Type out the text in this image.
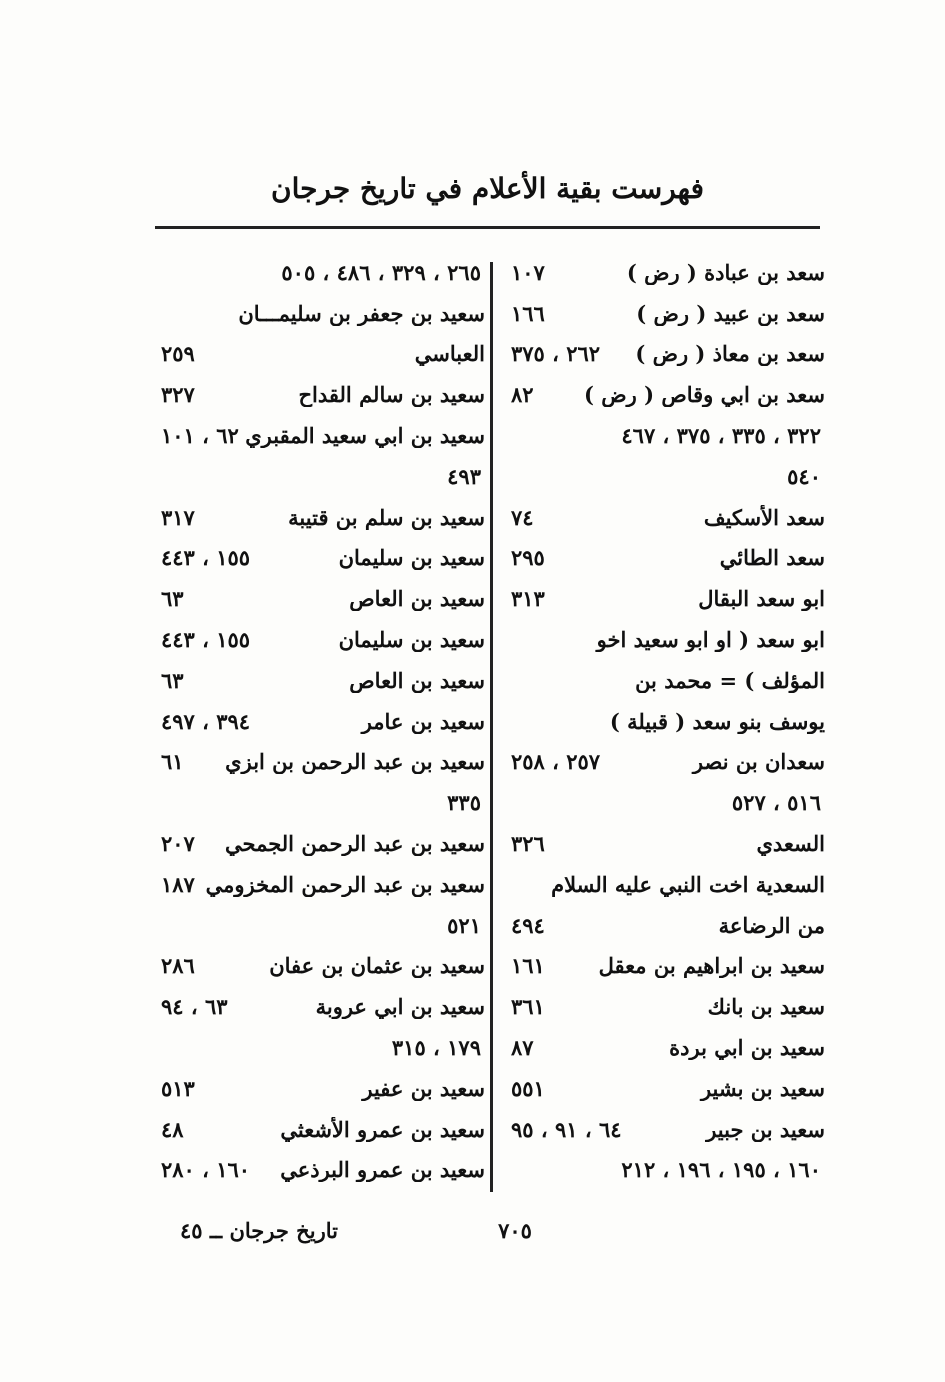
فهرست بقية الأعلام في تاريخ جرجان
سعد بن عبادة ( رض )
١٠٧
سعد بن عبيد ( رض )
١٦٦
سعد بن معاذ ( رض )
٢٦٢ ، ٣٧٥
سعد بن ابي وقاص ( رض )
٨٢
٣٢٢ ، ٣٣٥ ، ٣٧٥ ، ٤٦٧
٥٤٠
سعد الأسكيف
٧٤
سعد الطائي
٢٩٥
ابو سعد البقال
٣١٣
ابو سعد ( او ابو سعيد اخو
المؤلف ) = محمد بن
يوسف بنو سعد ( قبيلة )
سعدان بن نصر
٢٥٧ ، ٢٥٨
٥١٦ ، ٥٢٧
السعدي
٣٢٦
السعدية اخت النبي عليه السلام
من الرضاعة
٤٩٤
سعيد بن ابراهيم بن معقل
١٦١
سعيد بن بانك
٣٦١
سعيد بن ابي بردة
٨٧
سعيد بن بشير
٥٥١
سعيد بن جبير
٦٤ ، ٩١ ، ٩٥
١٦٠ ، ١٩٥ ، ١٩٦ ، ٢١٢
٢٦٥ ، ٣٢٩ ، ٤٨٦ ، ٥٠٥
سعيد بن جعفر بن سليمـــان
العباسي
٢٥٩
سعيد بن سالم القداح
٣٢٧
سعيد بن ابي سعيد المقبري
٦٢ ، ١٠١
٤٩٣
سعيد بن سلم بن قتيبة
٣١٧
سعيد بن سليمان
١٥٥ ، ٤٤٣
سعيد بن العاص
٦٣
سعيد بن سليمان
١٥٥ ، ٤٤٣
سعيد بن العاص
٦٣
سعيد بن عامر
٣٩٤ ، ٤٩٧
سعيد بن عبد الرحمن بن ابزي
٦١
٣٣٥
سعيد بن عبد الرحمن الجمحي
٢٠٧
سعيد بن عبد الرحمن المخزومي
١٨٧
٥٢١
سعيد بن عثمان بن عفان
٢٨٦
سعيد بن ابي عروبة
٦٣ ، ٩٤
١٧٩ ، ٣١٥
سعيد بن عفير
٥١٣
سعيد بن عمرو الأشعثي
٤٨
سعيد بن عمرو البرذعي
١٦٠ ، ٢٨٠
٧٠٥
تاريخ جرجان ــ ٤٥
